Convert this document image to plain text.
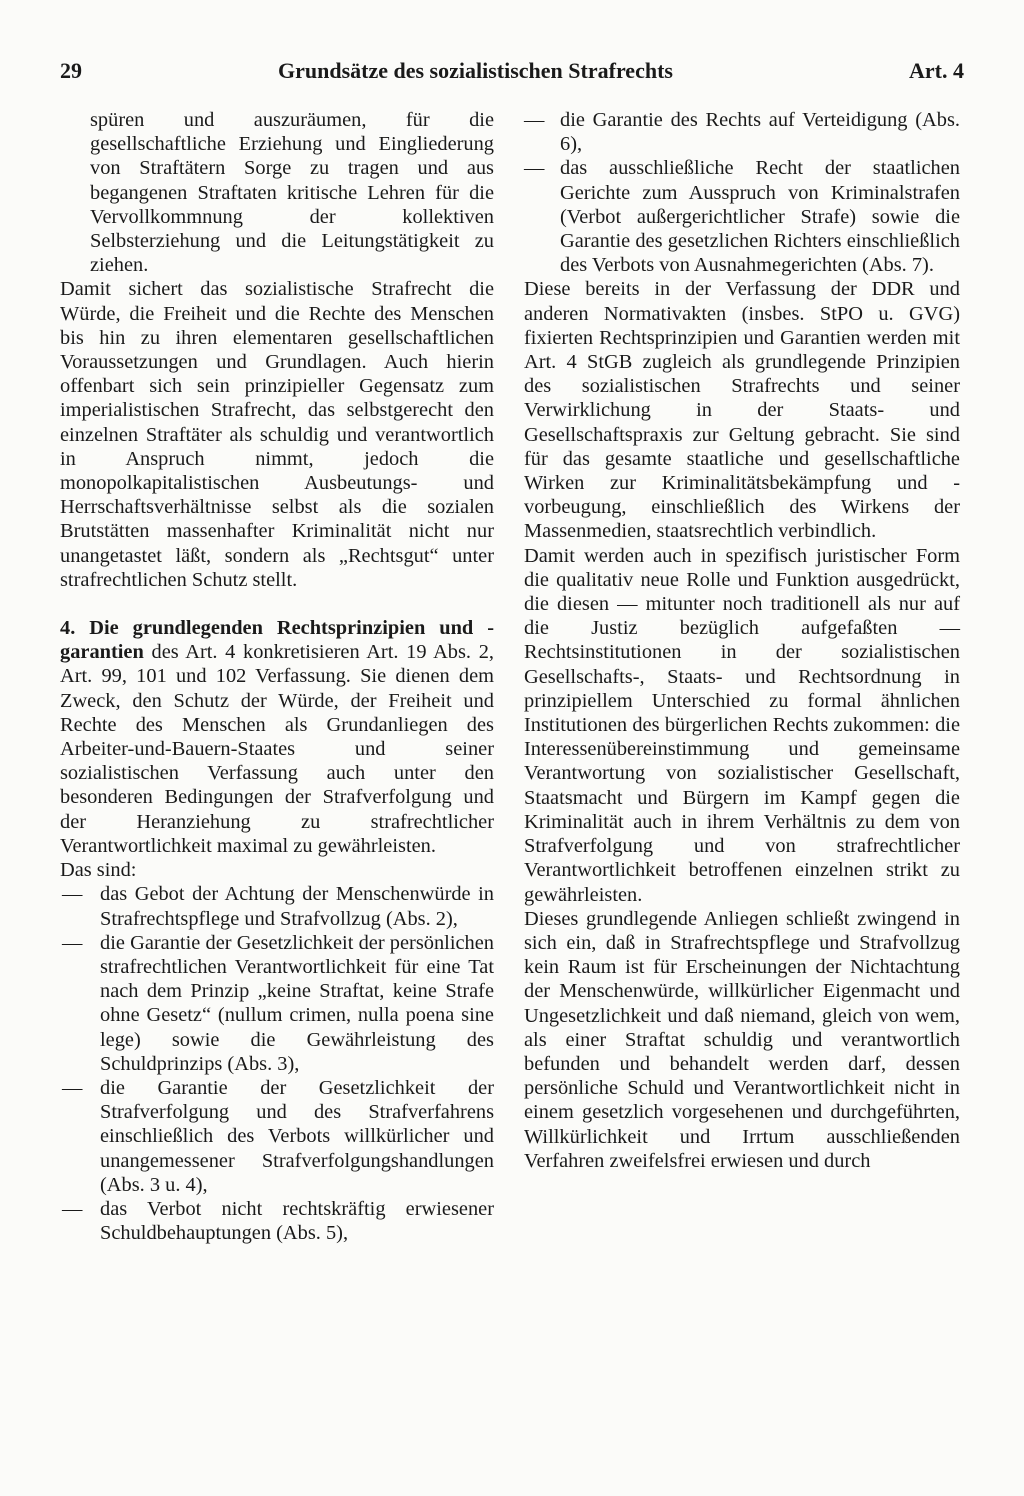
29	Grundsätze des sozialistischen Strafrechts	Art. 4

spüren und auszuräumen, für die gesellschaftliche Erziehung und Eingliederung von Straftätern Sorge zu tragen und aus begangenen Straftaten kritische Lehren für die Vervollkommnung der kollektiven Selbsterziehung und die Leitungstätigkeit zu ziehen.

Damit sichert das sozialistische Strafrecht die Würde, die Freiheit und die Rechte des Menschen bis hin zu ihren elementaren gesellschaftlichen Voraussetzungen und Grundlagen. Auch hierin offenbart sich sein prinzipieller Gegensatz zum imperialistischen Strafrecht, das selbstgerecht den einzelnen Straftäter als schuldig und verantwortlich in Anspruch nimmt, jedoch die monopolkapitalistischen Ausbeutungs- und Herrschaftsverhältnisse selbst als die sozialen Brutstätten massenhafter Kriminalität nicht nur unangetastet läßt, sondern als „Rechtsgut“ unter strafrechtlichen Schutz stellt.

4. Die grundlegenden Rechtsprinzipien und -garantien des Art. 4 konkretisieren Art. 19 Abs. 2, Art. 99, 101 und 102 Verfassung. Sie dienen dem Zweck, den Schutz der Würde, der Freiheit und Rechte des Menschen als Grundanliegen des Arbeiter-und-Bauern-Staates und seiner sozialistischen Verfassung auch unter den besonderen Bedingungen der Strafverfolgung und der Heranziehung zu strafrechtlicher Verantwortlichkeit maximal zu gewährleisten.

Das sind:

— das Gebot der Achtung der Menschenwürde in Strafrechtspflege und Strafvollzug (Abs. 2),

— die Garantie der Gesetzlichkeit der persönlichen strafrechtlichen Verantwortlichkeit für eine Tat nach dem Prinzip „keine Straftat, keine Strafe ohne Gesetz“ (nullum crimen, nulla poena sine lege) sowie die Gewährleistung des Schuldprinzips (Abs. 3),

— die Garantie der Gesetzlichkeit der Strafverfolgung und des Strafverfahrens einschließlich des Verbots willkürlicher und unangemessener Strafverfolgungshandlungen (Abs. 3 u. 4),

— das Verbot nicht rechtskräftig erwiesener Schuldbehauptungen (Abs. 5),

— die Garantie des Rechts auf Verteidigung (Abs. 6),

— das ausschließliche Recht der staatlichen Gerichte zum Ausspruch von Kriminalstrafen (Verbot außergerichtlicher Strafe) sowie die Garantie des gesetzlichen Richters einschließlich des Verbots von Ausnahmegerichten (Abs. 7).

Diese bereits in der Verfassung der DDR und anderen Normativakten (insbes. StPO u. GVG) fixierten Rechtsprinzipien und Garantien werden mit Art. 4 StGB zugleich als grundlegende Prinzipien des sozialistischen Strafrechts und seiner Verwirklichung in der Staats- und Gesellschaftspraxis zur Geltung gebracht. Sie sind für das gesamte staatliche und gesellschaftliche Wirken zur Kriminalitätsbekämpfung und -vorbeugung, einschließlich des Wirkens der Massenmedien, staatsrechtlich verbindlich.

Damit werden auch in spezifisch juristischer Form die qualitativ neue Rolle und Funktion ausgedrückt, die diesen — mitunter noch traditionell als nur auf die Justiz bezüglich aufgefaßten — Rechtsinstitutionen in der sozialistischen Gesellschafts-, Staats- und Rechtsordnung in prinzipiellem Unterschied zu formal ähnlichen Institutionen des bürgerlichen Rechts zukommen: die Interessenübereinstimmung und gemeinsame Verantwortung von sozialistischer Gesellschaft, Staatsmacht und Bürgern im Kampf gegen die Kriminalität auch in ihrem Verhältnis zu dem von Strafverfolgung und von strafrechtlicher Verantwortlichkeit betroffenen einzelnen strikt zu gewährleisten.

Dieses grundlegende Anliegen schließt zwingend in sich ein, daß in Strafrechtspflege und Strafvollzug kein Raum ist für Erscheinungen der Nichtachtung der Menschenwürde, willkürlicher Eigenmacht und Ungesetzlichkeit und daß niemand, gleich von wem, als einer Straftat schuldig und verantwortlich befunden und behandelt werden darf, dessen persönliche Schuld und Verantwortlichkeit nicht in einem gesetzlich vorgesehenen und durchgeführten, Willkürlichkeit und Irrtum ausschließenden Verfahren zweifelsfrei erwiesen und durch
